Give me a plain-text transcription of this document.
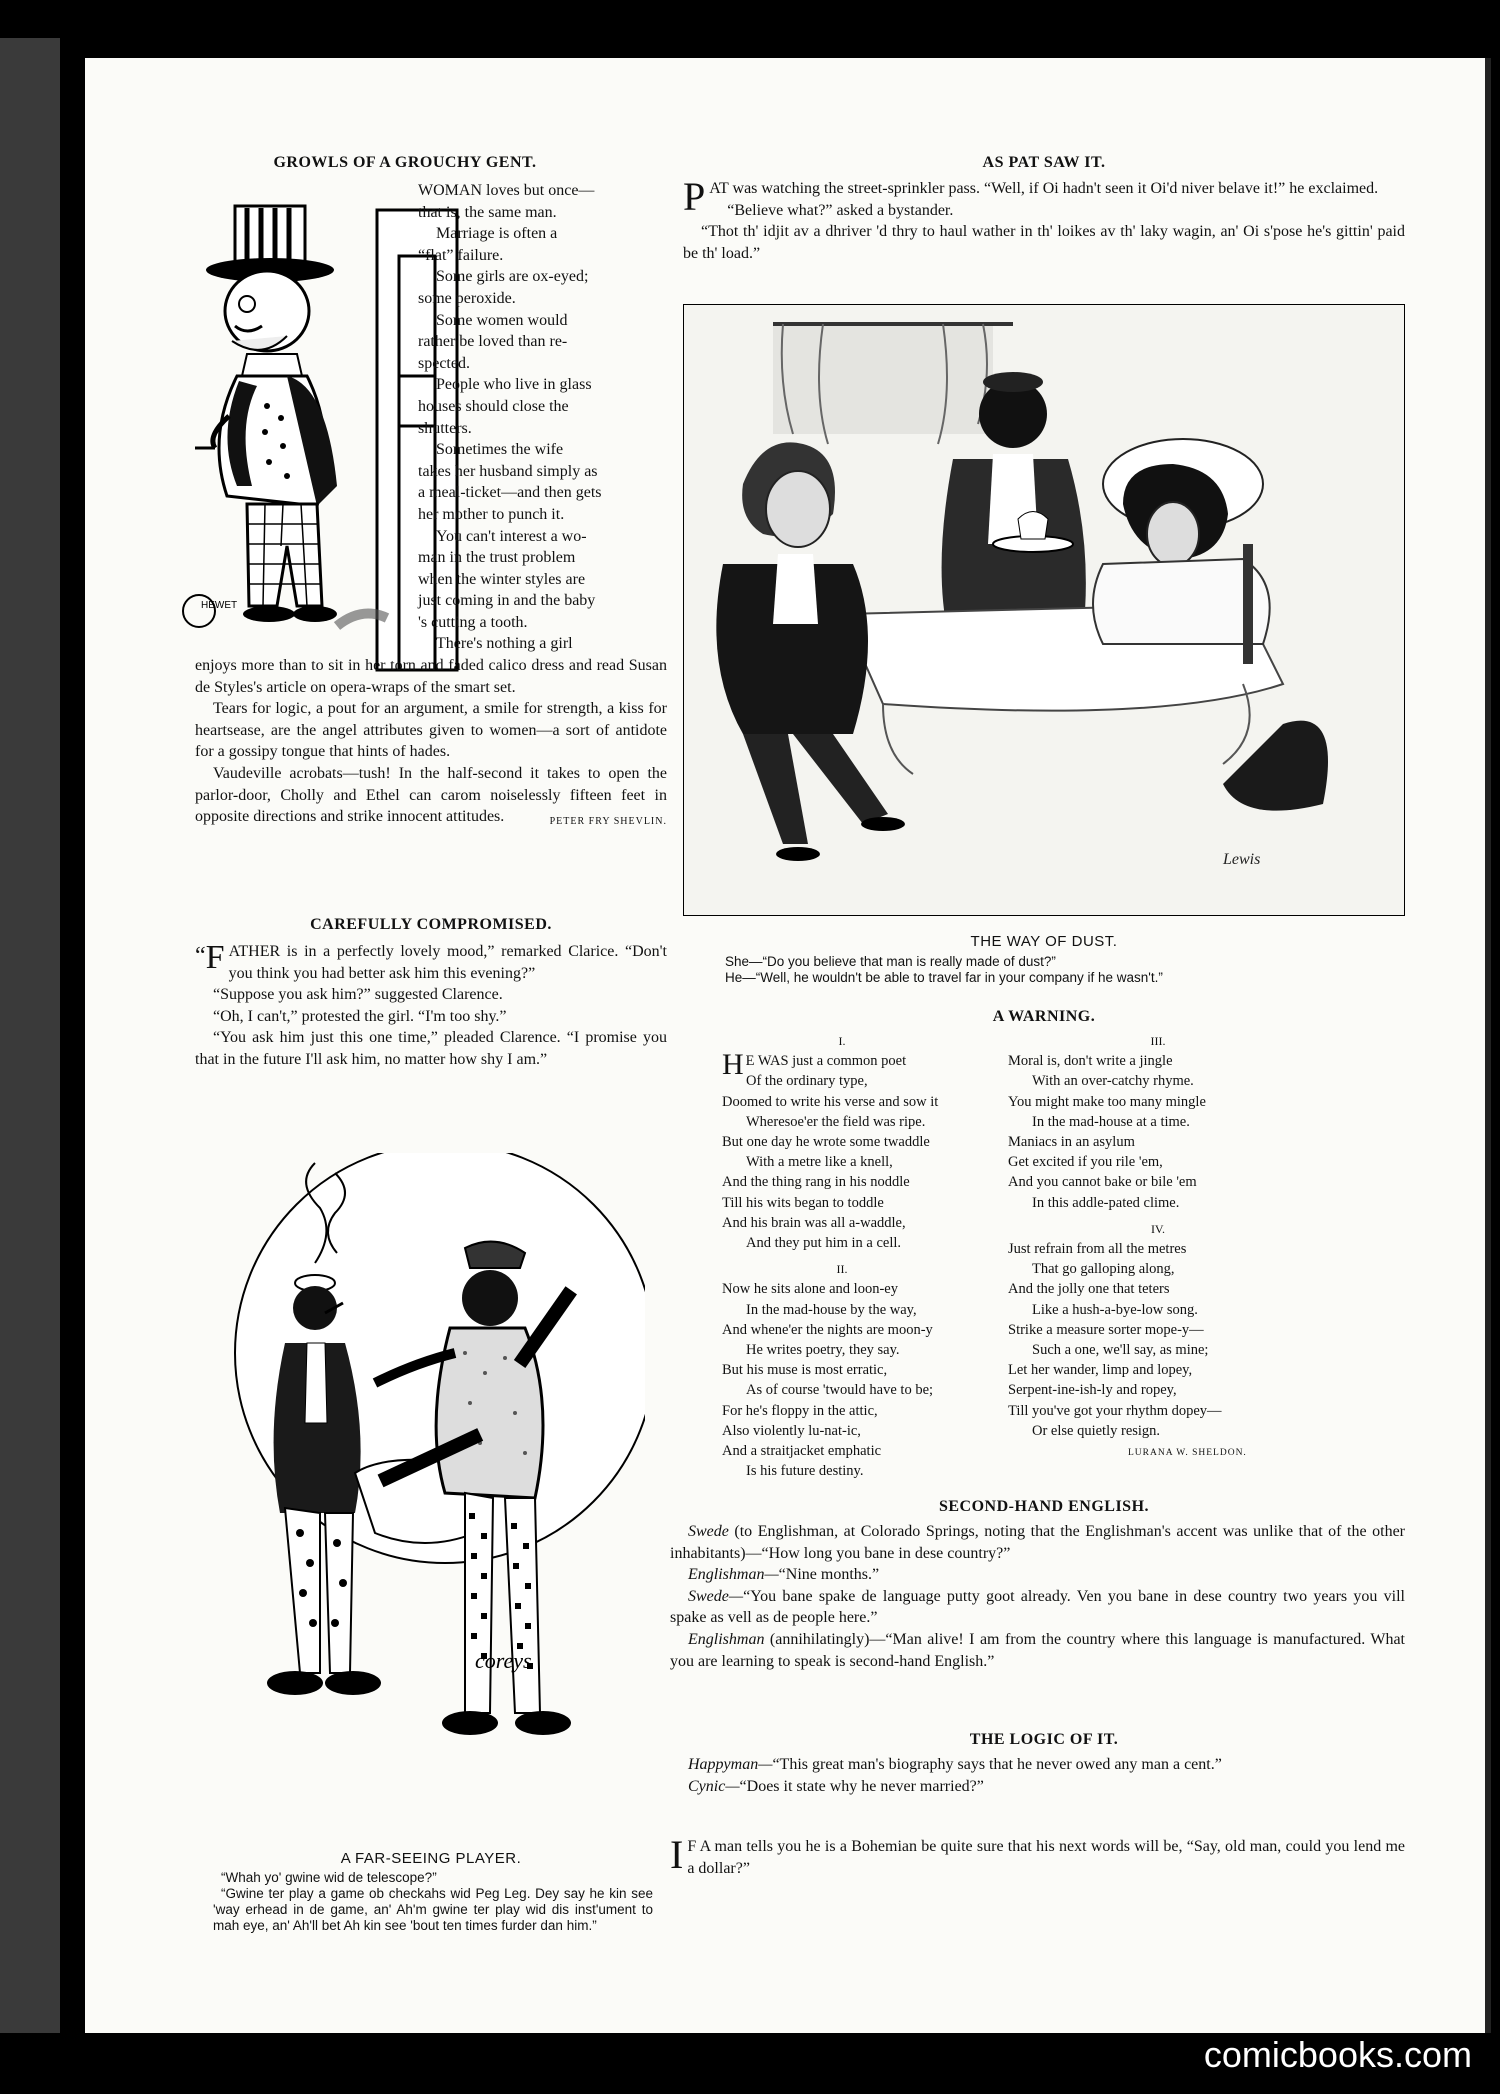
GROWLS OF A GROUCHY GENT.
HEWET
WOMAN loves but once—
that is, the same man.
Marriage is often a
“flat” failure.
Some girls are ox-eyed;
some peroxide.
Some women would
rather be loved than re-
spected.
People who live in glass
houses should close the
shutters.
Sometimes the wife
takes her husband simply as
a meal-ticket—and then gets
her mother to punch it.
You can't interest a wo-
man in the trust problem
when the winter styles are
just coming in and the baby
's cutting a tooth.
There's nothing a girl

enjoys more than to sit in her torn and faded calico dress and read Susan de Styles's article on opera-wraps of the smart set.

Tears for logic, a pout for an argument, a smile for strength, a kiss for heartsease, are the angel attributes given to women—a sort of antidote for a gossipy tongue that hints of hades.

Vaudeville acrobats—tush! In the half-second it takes to open the parlor-door, Cholly and Ethel can carom noiselessly fifteen feet in opposite directions and strike innocent attitudes.	PETER FRY SHEVLIN.
CAREFULLY COMPROMISED.

“ F ATHER is in a perfectly lovely mood,” remarked Clarice. “Don't you think you had better ask him this evening?”

“Suppose you ask him?” suggested Clarence.

“Oh, I can't,” protested the girl. “I'm too shy.”

“You ask him just this one time,” pleaded Clarence. “I promise you that in the future I'll ask him, no matter how shy I am.”

coreys
A FAR-SEEING PLAYER.
“Whah yo' gwine wid de telescope?”
“Gwine ter play a game ob checkahs wid Peg Leg. Dey say he kin see 'way erhead in de game, an' Ah'm gwine ter play wid dis inst'ument to mah eye, an' Ah'll bet Ah kin see 'bout ten times furder dan him.”
AS PAT SAW IT.

PAT was watching the street-sprinkler pass. “Well, if Oi hadn't seen it Oi'd niver belave it!” he exclaimed.

“Believe what?” asked a bystander.

“Thot th' idjit av a dhriver 'd thry to haul wather in th' loikes av th' laky wagin, an' Oi s'pose he's gittin' paid be th' load.”

Lewis
THE WAY OF DUST.
She—“Do you believe that man is really made of dust?”
He—“Well, he wouldn't be able to travel far in your company if he wasn't.”
A WARNING.
I.
H E WAS just a common poet
Of the ordinary type,
Doomed to write his verse and sow it
Wheresoe'er the field was ripe.
But one day he wrote some twaddle
With a metre like a knell,
And the thing rang in his noddle
Till his wits began to toddle
And his brain was all a-waddle,
And they put him in a cell.
II.
Now he sits alone and loon-ey
In the mad-house by the way,
And whene'er the nights are moon-y
He writes poetry, they say.
But his muse is most erratic,
As of course 'twould have to be;
For he's floppy in the attic,
Also violently lu-nat-ic,
And a straitjacket emphatic
Is his future destiny.
III.
Moral is, don't write a jingle
With an over-catchy rhyme.
You might make too many mingle
In the mad-house at a time.
Maniacs in an asylum
Get excited if you rile 'em,
And you cannot bake or bile 'em
In this addle-pated clime.
IV.
Just refrain from all the metres
That go galloping along,
And the jolly one that teters
Like a hush-a-bye-low song.
Strike a measure sorter mope-y—
Such a one, we'll say, as mine;
Let her wander, limp and lopey,
Serpent-ine-ish-ly and ropey,
Till you've got your rhythm dopey—
Or else quietly resign.
LURANA W. SHELDON.
SECOND-HAND ENGLISH.

Swede (to Englishman, at Colorado Springs, noting that the Englishman's accent was unlike that of the other inhabitants)—“How long you bane in dese country?”

Englishman—“Nine months.”

Swede—“You bane spake de language putty goot already. Ven you bane in dese country two years you vill spake as vell as de people here.”

Englishman (annihilatingly)—“Man alive! I am from the country where this language is manufactured. What you are learning to speak is second-hand English.”

THE LOGIC OF IT.

Happyman—“This great man's biography says that he never owed any man a cent.”

Cynic—“Does it state why he never married?”

I F A man tells you he is a Bohemian be quite sure that his next words will be, “Say, old man, could you lend me a dollar?”

comicbooks.com
